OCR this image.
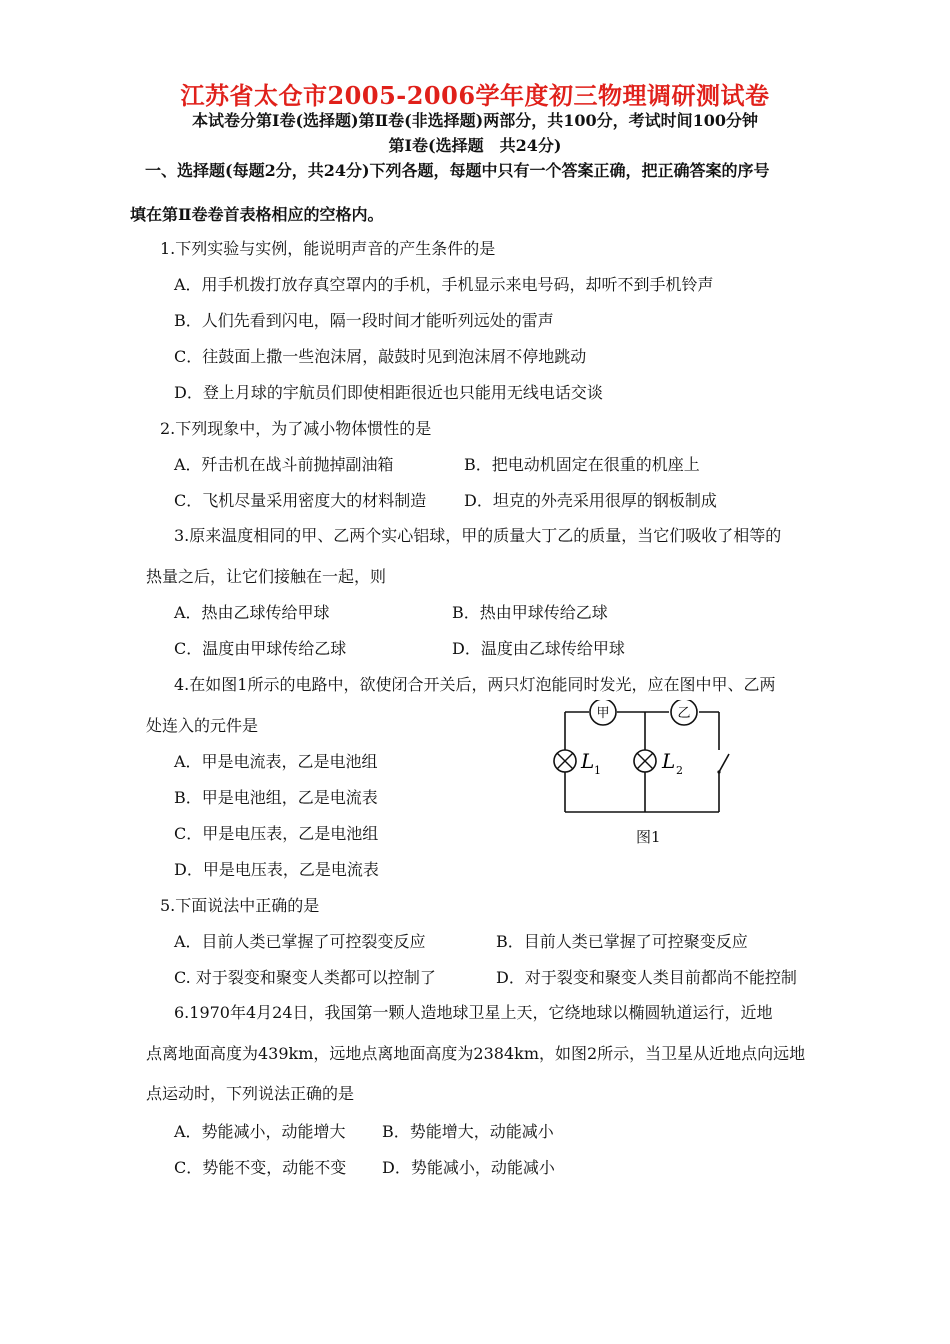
江苏省太仓市2005-2006学年度初三物理调研测试卷
本试卷分第Ⅰ卷(选择题)第Ⅱ卷(非选择题)两部分，共100分，考试时间100分钟
第Ⅰ卷(选择题　共24分)
一、选择题(每题2分，共24分)下列各题，每题中只有一个答案正确，把正确答案的序号
填在第Ⅱ卷卷首表格相应的空格内。
1.下列实验与实例，能说明声音的产生条件的是
A．用手机拨打放存真空罩内的手机，手机显示来电号码，却听不到手机铃声
B．人们先看到闪电，隔一段时间才能听列远处的雷声
C．往鼓面上撒一些泡沫屑，敲鼓时见到泡沫屑不停地跳动
D．登上月球的宇航员们即使相距很近也只能用无线电话交谈
2.下列现象中，为了减小物体惯性的是
A．歼击机在战斗前抛掉副油箱	B．把电动机固定在很重的机座上
C．飞机尽量采用密度大的材料制造 D．坦克的外壳采用很厚的钢板制成
3.原来温度相同的甲、乙两个实心铝球，甲的质量大丁乙的质量，当它们吸收了相等的
热量之后，让它们接触在一起，则
A．热由乙球传给甲球	B．热由甲球传给乙球
C．温度由甲球传给乙球	D．温度由乙球传给甲球
4.在如图1所示的电路中，欲使闭合开关后，两只灯泡能同时发光，应在图中甲、乙两
处连入的元件是
A．甲是电流表，乙是电池组
B．甲是电池组，乙是电流表
C．甲是电压表，乙是电池组
D．甲是电压表，乙是电流表
甲	乙
L 1	L 2
图1
5.下面说法中正确的是
A．目前人类已掌握了可控裂变反应	B．目前人类已掌握了可控聚变反应
C. 对于裂变和聚变人类都可以控制了	D．对于裂变和聚变人类目前都尚不能控制
6.1970年4月24日，我国第一颗人造地球卫星上天，它绕地球以椭圆轨道运行，近地
点离地面高度为439km，远地点离地面高度为2384km，如图2所示，当卫星从近地点向远地
点运动时，下列说法正确的是
A．势能减小，动能增大 B．势能增大，动能减小
C．势能不变，动能不变 D．势能减小，动能减小
